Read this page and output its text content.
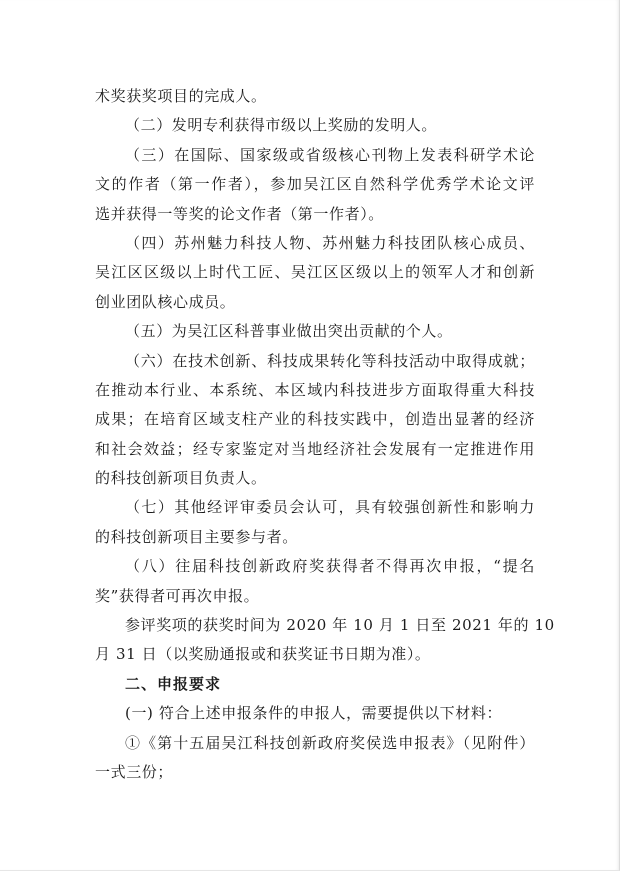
术奖获奖项目的完成人。
（二）发明专利获得市级以上奖励的发明人。
（三）在国际、国家级或省级核心刊物上发表科研学术论
文的作者（第一作者），参加吴江区自然科学优秀学术论文评
选并获得一等奖的论文作者（第一作者）。
（四）苏州魅力科技人物、苏州魅力科技团队核心成员、
吴江区区级以上时代工匠、吴江区区级以上的领军人才和创新
创业团队核心成员。
（五）为吴江区科普事业做出突出贡献的个人。
（六）在技术创新、科技成果转化等科技活动中取得成就；
在推动本行业、本系统、本区域内科技进步方面取得重大科技
成果；在培育区域支柱产业的科技实践中，创造出显著的经济
和社会效益；经专家鉴定对当地经济社会发展有一定推进作用
的科技创新项目负责人。
（七）其他经评审委员会认可，具有较强创新性和影响力
的科技创新项目主要参与者。
（八）往届科技创新政府奖获得者不得再次申报，“提名
奖”获得者可再次申报。
参评奖项的获奖时间为 2020 年 10 月 1 日至 2021 年的 10
月 31 日（以奖励通报或和获奖证书日期为准）。
二、申报要求
(一) 符合上述申报条件的申报人，需要提供以下材料：
①《第十五届吴江科技创新政府奖侯选申报表》（见附件）
一式三份；
